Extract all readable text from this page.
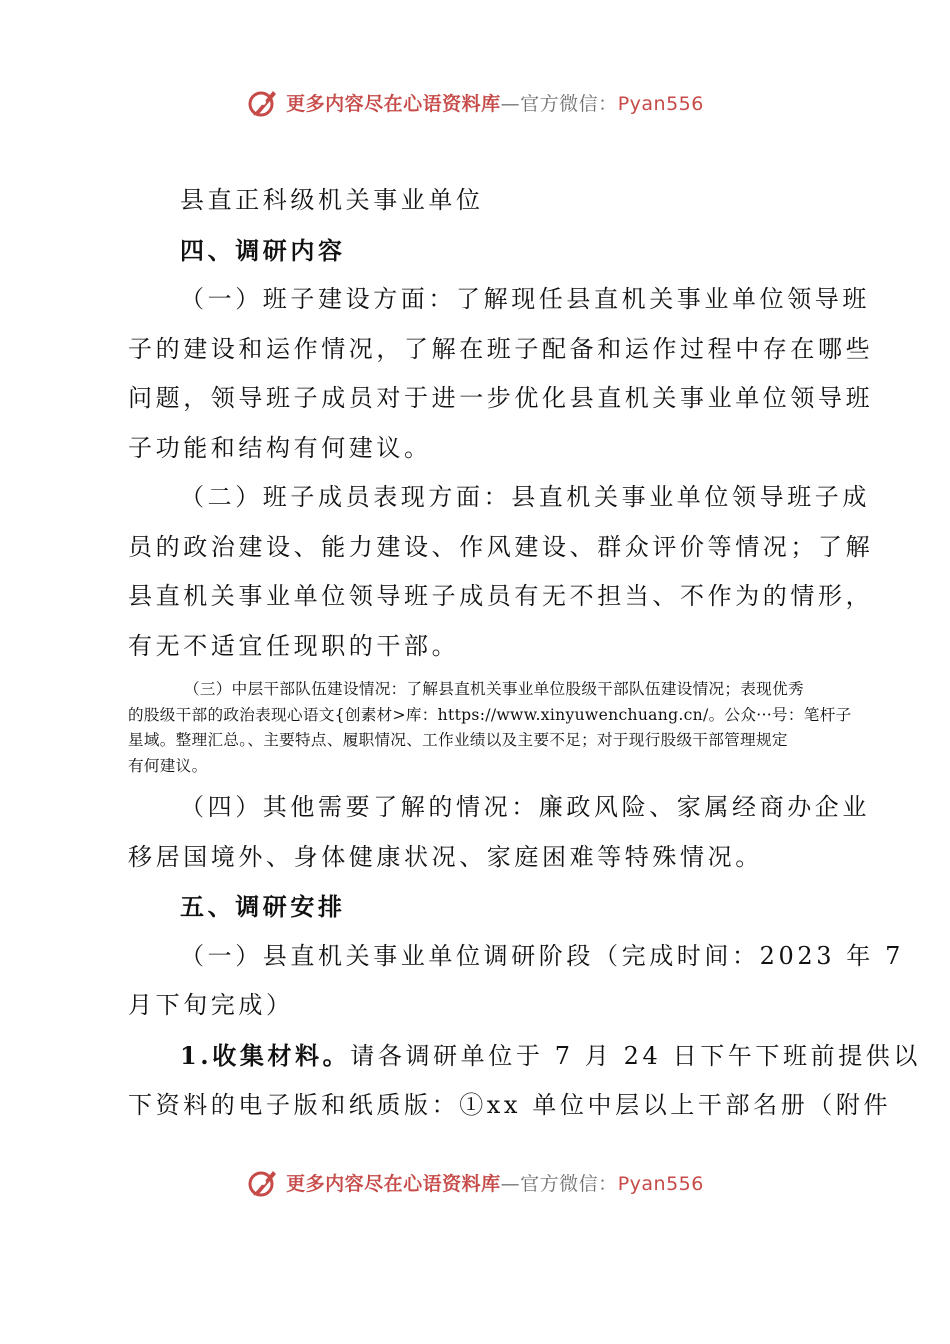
更多内容尽在心语资料库—官方微信：Pyan556

县直正科级机关事业单位

四、调研内容

（一）班子建设方面：了解现任县直机关事业单位领导班

子的建设和运作情况，了解在班子配备和运作过程中存在哪些

问题，领导班子成员对于进一步优化县直机关事业单位领导班

子功能和结构有何建议。

（二）班子成员表现方面：县直机关事业单位领导班子成

员的政治建设、能力建设、作风建设、群众评价等情况；了解

县直机关事业单位领导班子成员有无不担当、不作为的情形，

有无不适宜任现职的干部。

（三）中层干部队伍建设情况：了解县直机关事业单位股级干部队伍建设情况；表现优秀

的股级干部的政治表现心语文{创素材>库：https://www.xinyuwenchuang.cn/。公众···号：笔杆子

星域。整理汇总。、主要特点、履职情况、工作业绩以及主要不足；对于现行股级干部管理规定

有何建议。

（四）其他需要了解的情况：廉政风险、家属经商办企业

移居国境外、身体健康状况、家庭困难等特殊情况。

五、调研安排

（一）县直机关事业单位调研阶段（完成时间：2023 年 7

月下旬完成）

1.收集材料。请各调研单位于 7 月 24 日下午下班前提供以

下资料的电子版和纸质版：①xx 单位中层以上干部名册（附件

更多内容尽在心语资料库—官方微信：Pyan556
